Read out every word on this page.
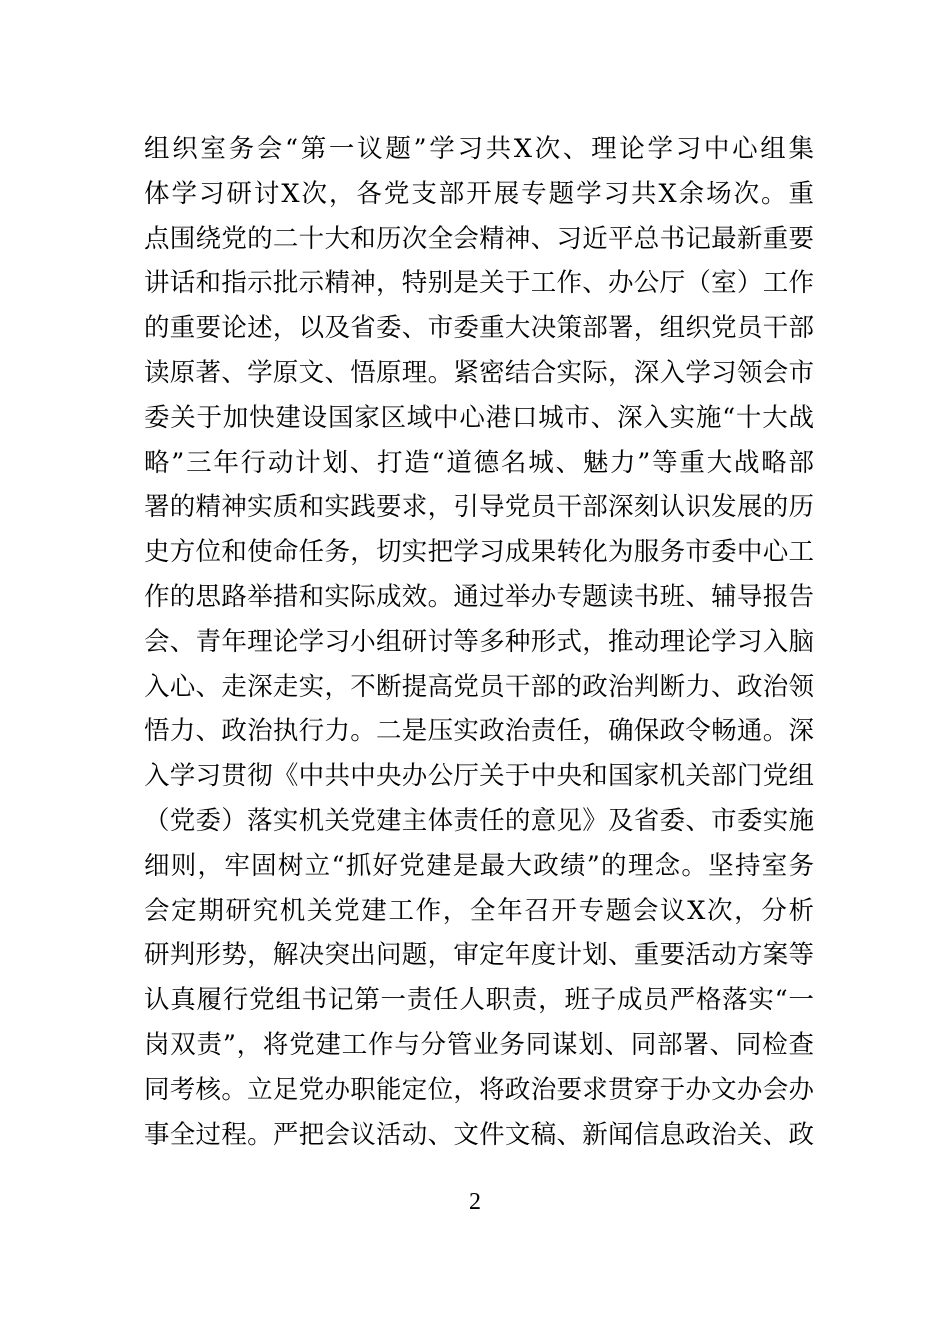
组织室务会“第一议题”学习共X次、理论学习中心组集
体学习研讨X次，各党支部开展专题学习共X余场次。重
点围绕党的二十大和历次全会精神、习近平总书记最新重要
讲话和指示批示精神，特别是关于工作、办公厅（室）工作
的重要论述，以及省委、市委重大决策部署，组织党员干部
读原著、学原文、悟原理。紧密结合实际，深入学习领会市
委关于加快建设国家区域中心港口城市、深入实施“十大战
略”三年行动计划、打造“道德名城、魅力”等重大战略部
署的精神实质和实践要求，引导党员干部深刻认识发展的历
史方位和使命任务，切实把学习成果转化为服务市委中心工
作的思路举措和实际成效。通过举办专题读书班、辅导报告
会、青年理论学习小组研讨等多种形式，推动理论学习入脑
入心、走深走实，不断提高党员干部的政治判断力、政治领
悟力、政治执行力。二是压实政治责任，确保政令畅通。深
入学习贯彻《中共中央办公厅关于中央和国家机关部门党组
（党委）落实机关党建主体责任的意见》及省委、市委实施
细则，牢固树立“抓好党建是最大政绩”的理念。坚持室务
会定期研究机关党建工作，全年召开专题会议X次，分析
研判形势，解决突出问题，审定年度计划、重要活动方案等
认真履行党组书记第一责任人职责，班子成员严格落实“一
岗双责”，将党建工作与分管业务同谋划、同部署、同检查
同考核。立足党办职能定位，将政治要求贯穿于办文办会办
事全过程。严把会议活动、文件文稿、新闻信息政治关、政
2
